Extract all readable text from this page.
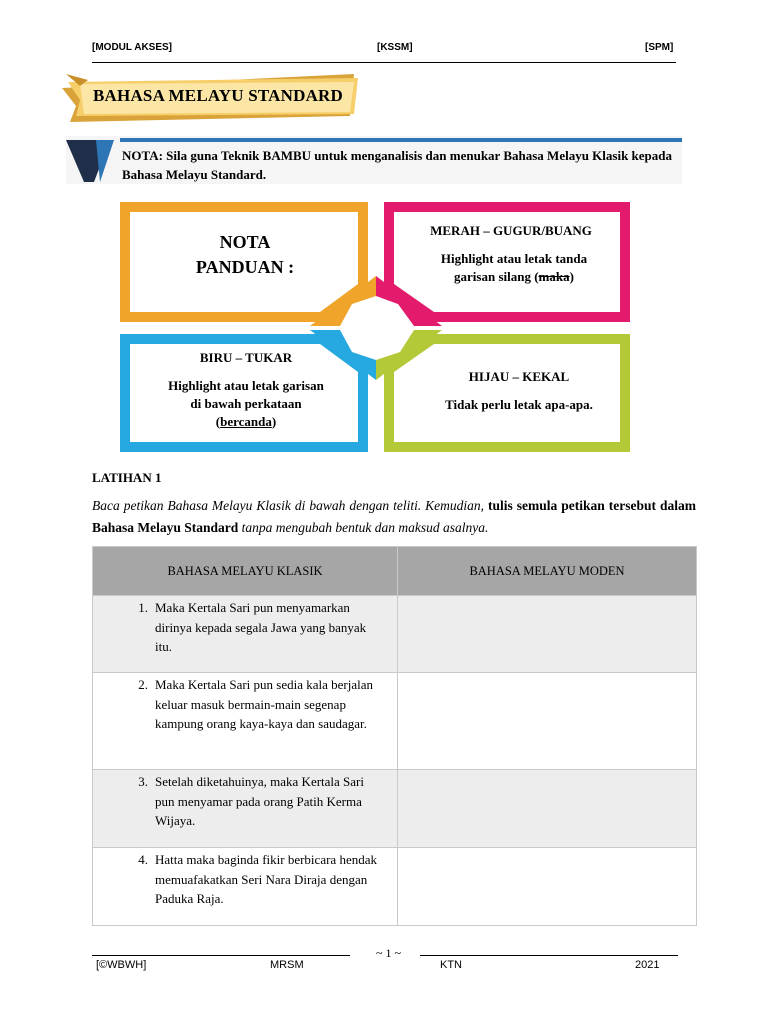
[MODUL AKSES]	[KSSM]	[SPM]
BAHASA MELAYU STANDARD
NOTA: Sila guna Teknik BAMBU untuk menganalisis dan menukar Bahasa Melayu Klasik kepada Bahasa Melayu Standard.
NOTA
PANDUAN :
MERAH – GUGUR/BUANG
Highlight atau letak tanda
garisan silang (maka)
BIRU – TUKAR
Highlight atau letak garisan
di bawah perkataan
(bercanda)
HIJAU – KEKAL
Tidak perlu letak apa-apa.
LATIHAN 1
Baca petikan Bahasa Melayu Klasik di bawah dengan teliti. Kemudian, tulis semula petikan tersebut dalam Bahasa Melayu Standard tanpa mengubah bentuk dan maksud asalnya.
BAHASA MELAYU KLASIK	BAHASA MELAYU MODEN

1. Maka Kertala Sari pun menyamarkan dirinya kepada segala Jawa yang banyak itu.	

2. Maka Kertala Sari pun sedia kala berjalan keluar masuk bermain-main segenap kampung orang kaya-kaya dan saudagar.	

3. Setelah diketahuinya, maka Kertala Sari pun menyamar pada orang Patih Kerma Wijaya.	

4. Hatta maka baginda fikir berbicara hendak memuafakatkan Seri Nara Diraja dengan Paduka Raja.	

~ 1 ~
[©WBWH]	MRSM	KTN	2021
